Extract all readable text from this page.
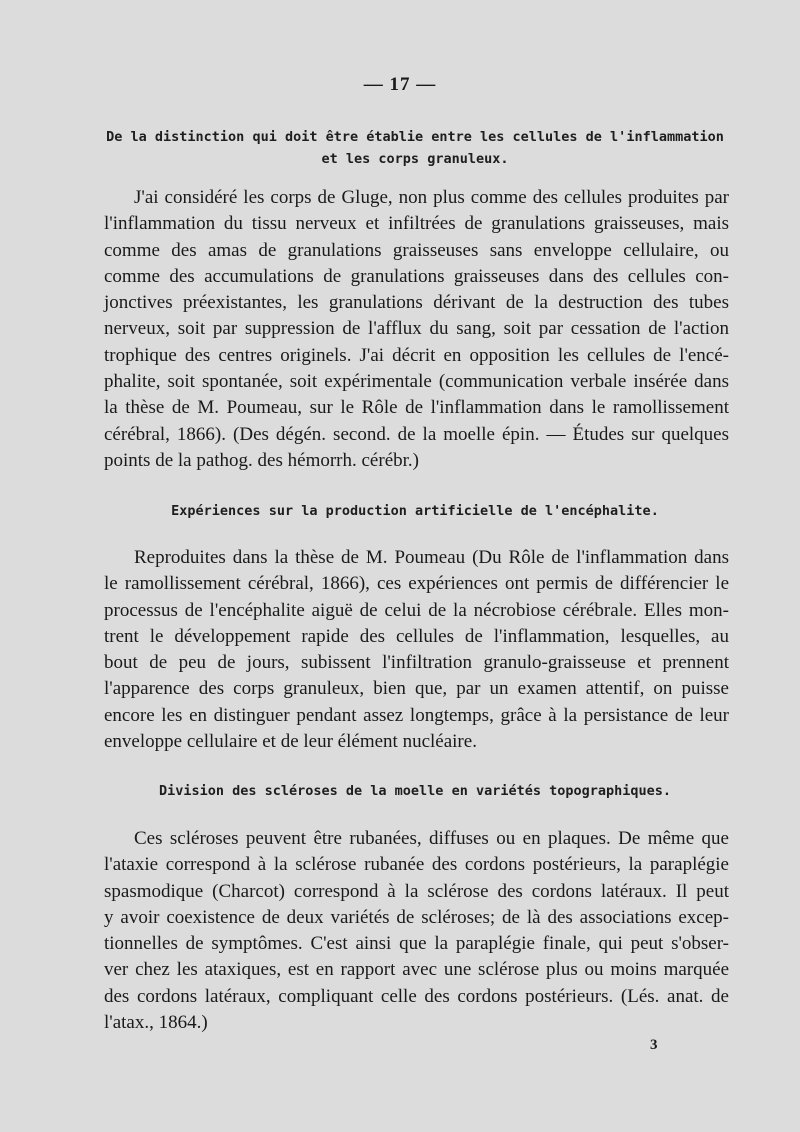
— 17 —
De la distinction qui doit être établie entre les cellules de l'inflammation et les corps granuleux.
J'ai considéré les corps de Gluge, non plus comme des cellules produites par
l'inflammation du tissu nerveux et infiltrées de granulations graisseuses, mais
comme des amas de granulations graisseuses sans enveloppe cellulaire, ou
comme des accumulations de granulations graisseuses dans des cellules con-
jonctives préexistantes, les granulations dérivant de la destruction des tubes
nerveux, soit par suppression de l'afflux du sang, soit par cessation de l'action
trophique des centres originels. J'ai décrit en opposition les cellules de l'encé-
phalite, soit spontanée, soit expérimentale (communication verbale insérée dans
la thèse de M. Poumeau, sur le Rôle de l'inflammation dans le ramollissement
cérébral, 1866). (Des dégén. second. de la moelle épin. — Études sur quelques
points de la pathog. des hémorrh. cérébr.)
Expériences sur la production artificielle de l'encéphalite.
Reproduites dans la thèse de M. Poumeau (Du Rôle de l'inflammation dans
le ramollissement cérébral, 1866), ces expériences ont permis de différencier le
processus de l'encéphalite aiguë de celui de la nécrobiose cérébrale. Elles mon-
trent le développement rapide des cellules de l'inflammation, lesquelles, au
bout de peu de jours, subissent l'infiltration granulo-graisseuse et prennent
l'apparence des corps granuleux, bien que, par un examen attentif, on puisse
encore les en distinguer pendant assez longtemps, grâce à la persistance de leur
enveloppe cellulaire et de leur élément nucléaire.
Division des scléroses de la moelle en variétés topographiques.
Ces scléroses peuvent être rubanées, diffuses ou en plaques. De même que
l'ataxie correspond à la sclérose rubanée des cordons postérieurs, la paraplégie
spasmodique (Charcot) correspond à la sclérose des cordons latéraux. Il peut
y avoir coexistence de deux variétés de scléroses; de là des associations excep-
tionnelles de symptômes. C'est ainsi que la paraplégie finale, qui peut s'obser-
ver chez les ataxiques, est en rapport avec une sclérose plus ou moins marquée
des cordons latéraux, compliquant celle des cordons postérieurs. (Lés. anat. de
l'atax., 1864.)
3
